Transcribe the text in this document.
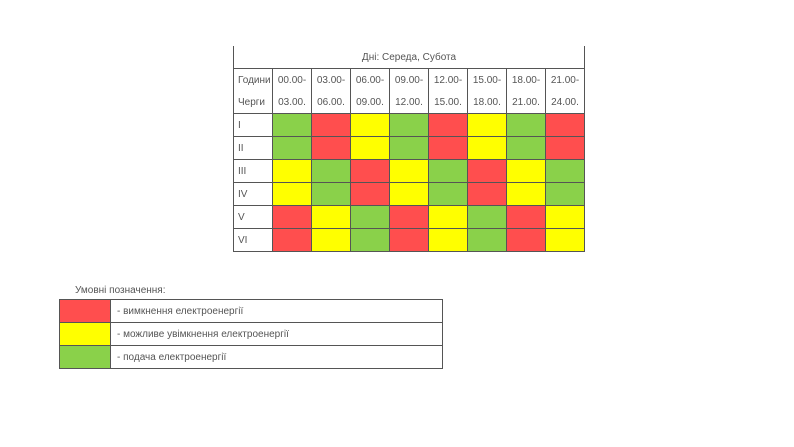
Дні: Середа, Субота								
Години	00.00-	03.00-	06.00-	09.00-	12.00-	15.00-	18.00-	21.00-
Черги	03.00.	06.00.	09.00.	12.00.	15.00.	18.00.	21.00.	24.00.
I								
II								
III								
IV								
V								
VI								
Умовні позначення:
	- вимкнення електроенергії
	- можливе увімкнення електроенергії
	- подача електроенергії
